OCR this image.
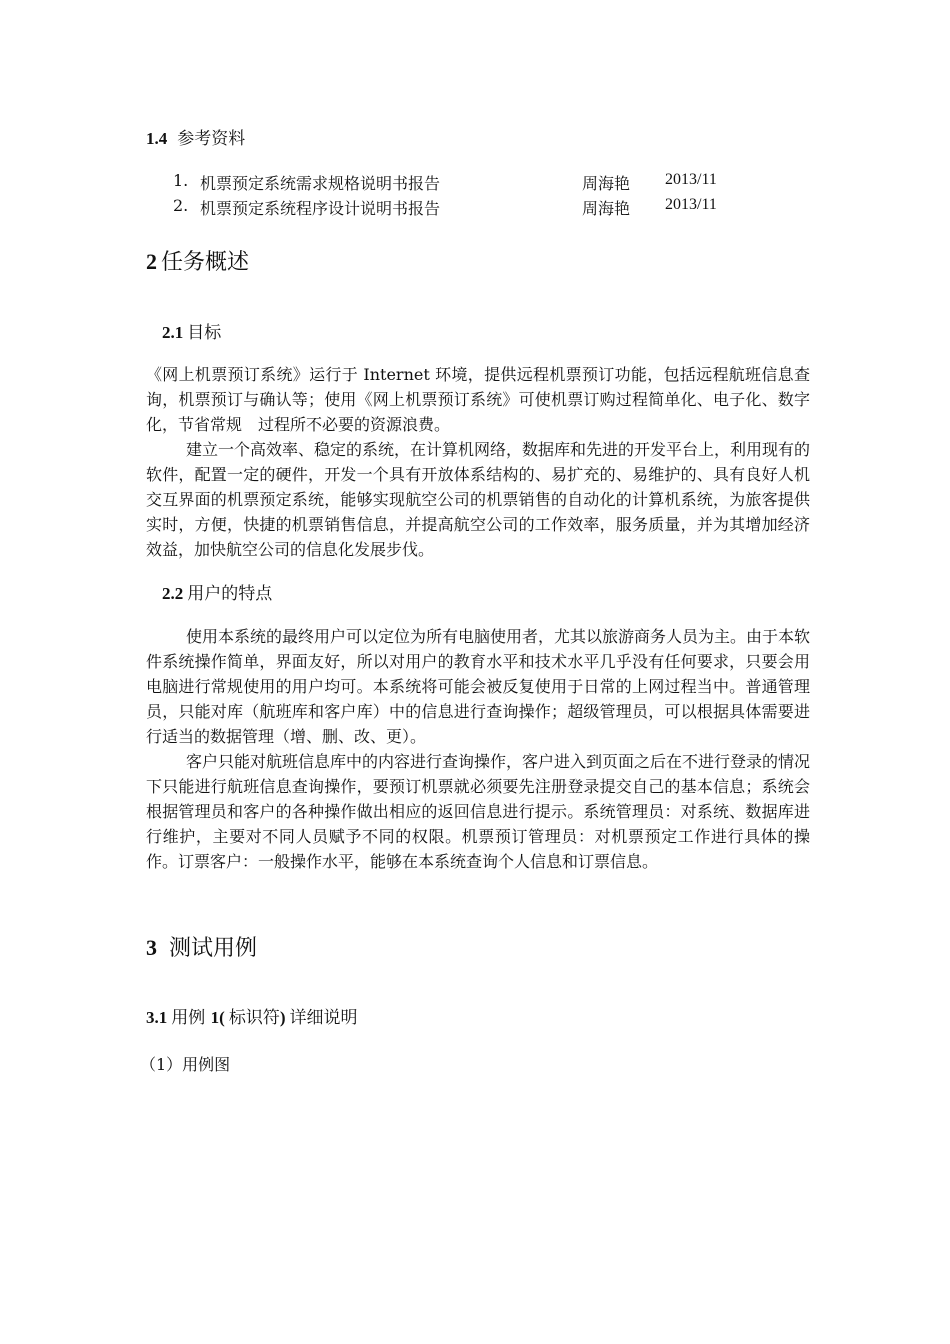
1.4 参考资料
1. 机票预定系统需求规格说明书报告	周海艳 2013/11
2. 机票预定系统程序设计说明书报告	周海艳 2013/11
2 任务概述
2.1 目标

《网上机票预订系统》运行于 Internet 环境，提供远程机票预订功能，包括远程航班信息查询，机票预订与确认等；使用《网上机票预订系统》可使机票订购过程简单化、电子化、数字化，节省常规　过程所不必要的资源浪费。

建立一个高效率、稳定的系统，在计算机网络，数据库和先进的开发平台上，利用现有的软件，配置一定的硬件，开发一个具有开放体系结构的、易扩充的、易维护的、具有良好人机交互界面的机票预定系统，能够实现航空公司的机票销售的自动化的计算机系统，为旅客提供实时，方便，快捷的机票销售信息，并提高航空公司的工作效率，服务质量，并为其增加经济效益，加快航空公司的信息化发展步伐。

2.2 用户的特点

使用本系统的最终用户可以定位为所有电脑使用者，尤其以旅游商务人员为主。由于本软件系统操作简单，界面友好，所以对用户的教育水平和技术水平几乎没有任何要求，只要会用电脑进行常规使用的用户均可。本系统将可能会被反复使用于日常的上网过程当中。普通管理员，只能对库（航班库和客户库）中的信息进行查询操作；超级管理员，可以根据具体需要进行适当的数据管理（增、删、改、更）。

客户只能对航班信息库中的内容进行查询操作，客户进入到页面之后在不进行登录的情况下只能进行航班信息查询操作，要预订机票就必须要先注册登录提交自己的基本信息；系统会根据管理员和客户的各种操作做出相应的返回信息进行提示。系统管理员：对系统、数据库进行维护，主要对不同人员赋予不同的权限。机票预订管理员：对机票预定工作进行具体的操作。订票客户：一般操作水平，能够在本系统查询个人信息和订票信息。

3 测试用例
3.1 用例 1( 标识符) 详细说明
（1）用例图
